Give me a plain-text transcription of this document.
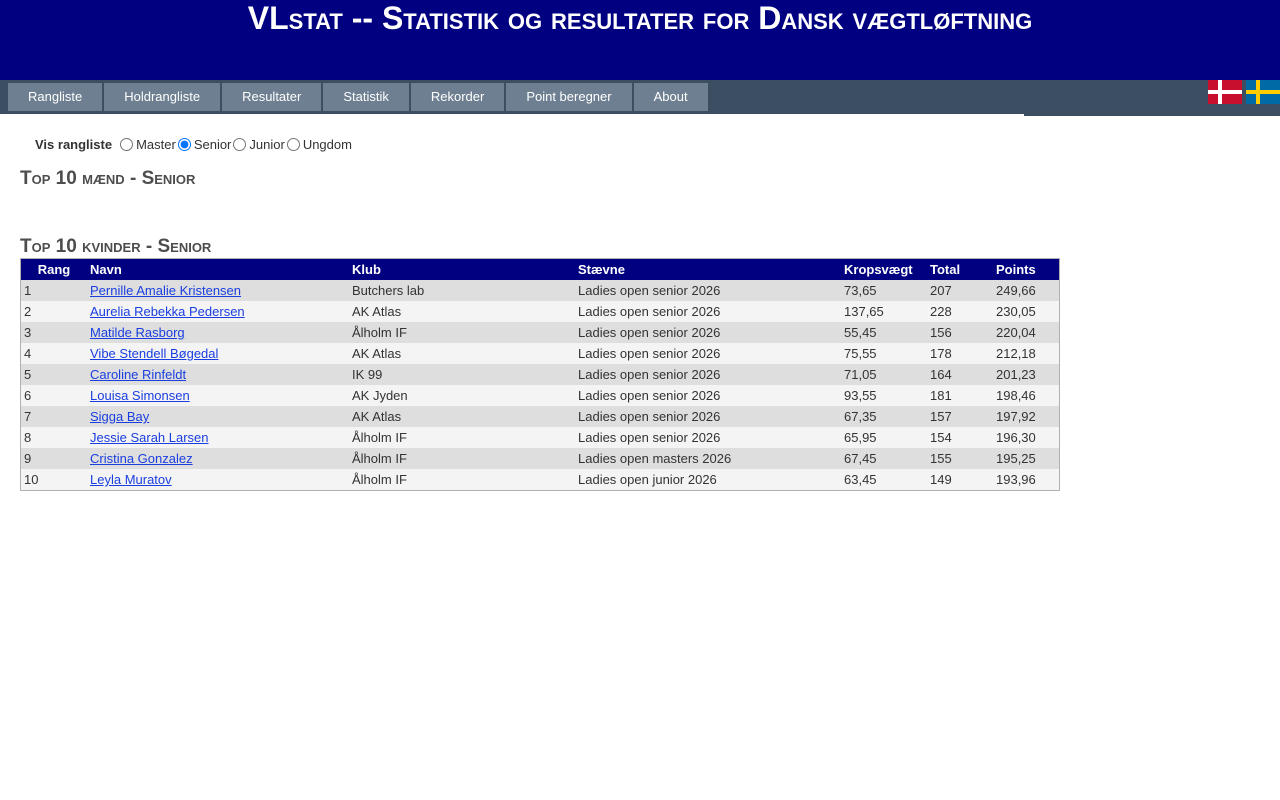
VLstat -- Statistik og resultater for Dansk vægtløftning
Rangliste	Holdrangliste	Resultater	Statistik	Rekorder	Point beregner	About
Vis rangliste Master Senior Junior Ungdom
Top 10 mænd - Senior
Top 10 kvinder - Senior
Rang	Navn	Klub	Stævne	Kropsvægt	Total	Points
1	Pernille Amalie Kristensen	Butchers lab	Ladies open senior 2026	73,65	207	249,66
2	Aurelia Rebekka Pedersen	AK Atlas	Ladies open senior 2026	137,65	228	230,05
3	Matilde Rasborg	Ålholm IF	Ladies open senior 2026	55,45	156	220,04
4	Vibe Stendell Bøgedal	AK Atlas	Ladies open senior 2026	75,55	178	212,18
5	Caroline Rinfeldt	IK 99	Ladies open senior 2026	71,05	164	201,23
6	Louisa Simonsen	AK Jyden	Ladies open senior 2026	93,55	181	198,46
7	Sigga Bay	AK Atlas	Ladies open senior 2026	67,35	157	197,92
8	Jessie Sarah Larsen	Ålholm IF	Ladies open senior 2026	65,95	154	196,30
9	Cristina Gonzalez	Ålholm IF	Ladies open masters 2026	67,45	155	195,25
10	Leyla Muratov	Ålholm IF	Ladies open junior 2026	63,45	149	193,96
